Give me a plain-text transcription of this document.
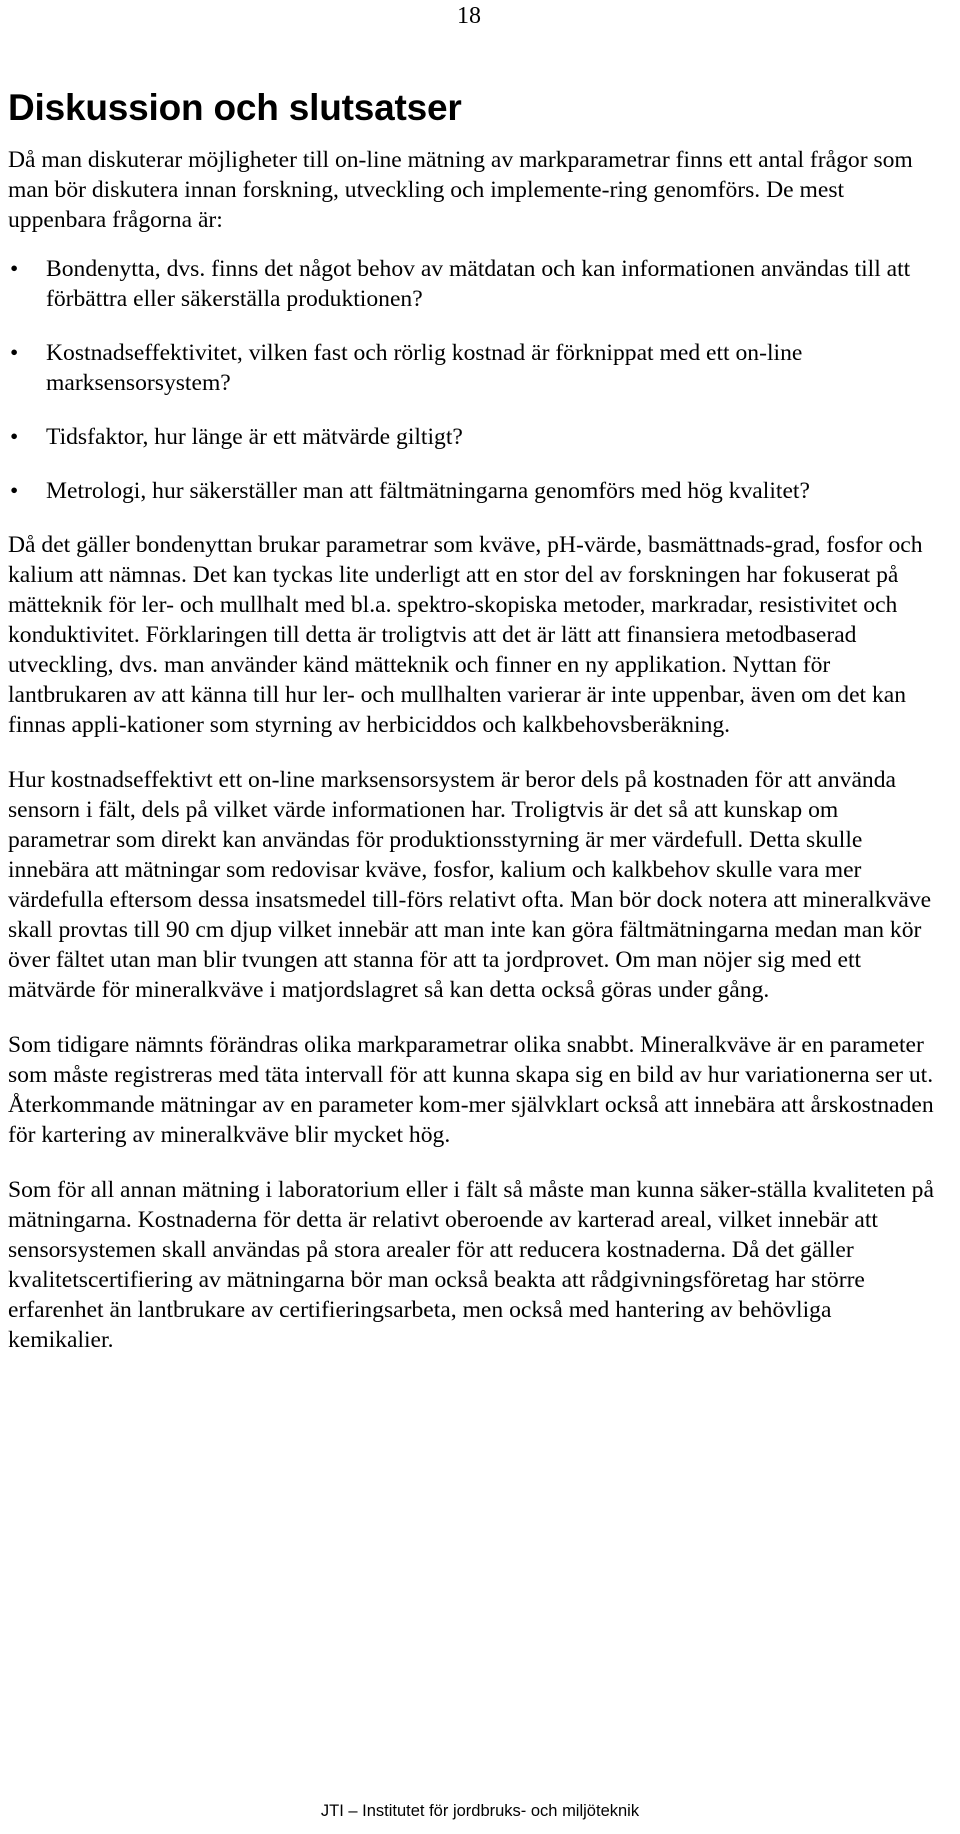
18
Diskussion och slutsatser

Då man diskuterar möjligheter till on-line mätning av markparametrar finns ett antal frågor som man bör diskutera innan forskning, utveckling och implemente-ring genomförs. De mest uppenbara frågorna är:

• Bondenytta, dvs. finns det något behov av mätdatan och kan informationen användas till att förbättra eller säkerställa produktionen?
• Kostnadseffektivitet, vilken fast och rörlig kostnad är förknippat med ett on-line marksensorsystem?
• Tidsfaktor, hur länge är ett mätvärde giltigt?
• Metrologi, hur säkerställer man att fältmätningarna genomförs med hög kvalitet?

Då det gäller bondenyttan brukar parametrar som kväve, pH-värde, basmättnads-grad, fosfor och kalium att nämnas. Det kan tyckas lite underligt att en stor del av forskningen har fokuserat på mätteknik för ler- och mullhalt med bl.a. spektro-skopiska metoder, markradar, resistivitet och konduktivitet. Förklaringen till detta är troligtvis att det är lätt att finansiera metodbaserad utveckling, dvs. man använder känd mätteknik och finner en ny applikation. Nyttan för lantbrukaren av att känna till hur ler- och mullhalten varierar är inte uppenbar, även om det kan finnas appli-kationer som styrning av herbiciddos och kalkbehovsberäkning.

Hur kostnadseffektivt ett on-line marksensorsystem är beror dels på kostnaden för att använda sensorn i fält, dels på vilket värde informationen har. Troligtvis är det så att kunskap om parametrar som direkt kan användas för produktionsstyrning är mer värdefull. Detta skulle innebära att mätningar som redovisar kväve, fosfor, kalium och kalkbehov skulle vara mer värdefulla eftersom dessa insatsmedel till-förs relativt ofta. Man bör dock notera att mineralkväve skall provtas till 90 cm djup vilket innebär att man inte kan göra fältmätningarna medan man kör över fältet utan man blir tvungen att stanna för att ta jordprovet. Om man nöjer sig med ett mätvärde för mineralkväve i matjordslagret så kan detta också göras under gång.

Som tidigare nämnts förändras olika markparametrar olika snabbt. Mineralkväve är en parameter som måste registreras med täta intervall för att kunna skapa sig en bild av hur variationerna ser ut. Återkommande mätningar av en parameter kom-mer självklart också att innebära att årskostnaden för kartering av mineralkväve blir mycket hög.

Som för all annan mätning i laboratorium eller i fält så måste man kunna säker-ställa kvaliteten på mätningarna. Kostnaderna för detta är relativt oberoende av karterad areal, vilket innebär att sensorsystemen skall användas på stora arealer för att reducera kostnaderna. Då det gäller kvalitetscertifiering av mätningarna bör man också beakta att rådgivningsföretag har större erfarenhet än lantbrukare av certifieringsarbeta, men också med hantering av behövliga kemikalier.

JTI – Institutet för jordbruks- och miljöteknik
